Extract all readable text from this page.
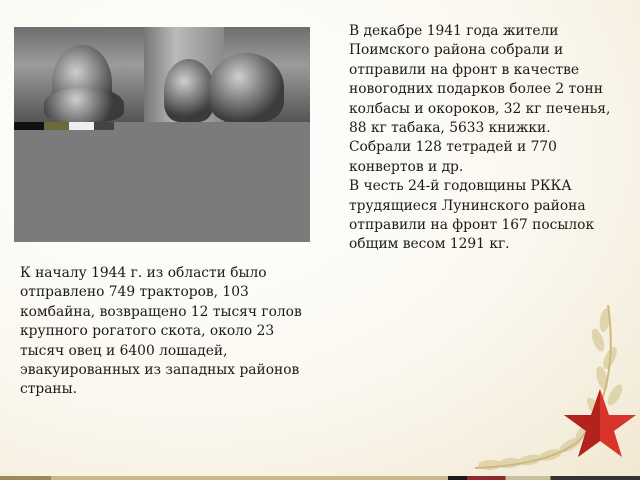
В декабре 1941 года жители Поимского района собрали и отправили на фронт в качестве новогодних подарков более 2 тонн колбасы и окороков, 32 кг печенья, 88 кг табака, 5633 книжки.

Собрали 128 тетрадей и 770 конвертов и др.

В честь 24-й годовщины РККА трудящиеся Лунинского района отправили на фронт 167 посылок общим весом 1291 кг.

К началу 1944 г. из области было отправлено 749 тракторов, 103 комбайна, возвращено 12 тысяч голов крупного рогатого скота, около 23 тысяч овец и 6400 лошадей, эвакуированных из западных районов страны.
